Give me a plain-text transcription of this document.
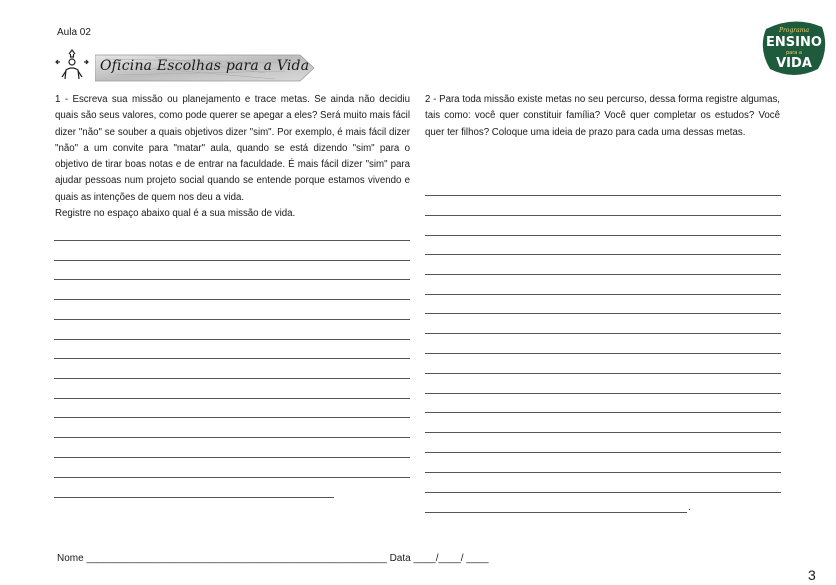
Aula 02
Oficina Escolhas para a Vida
Programa
ENSINO
para a
VIDA
1 - Escreva sua missão ou planejamento e trace metas. Se ainda não decidiu quais são seus valores, como pode querer se apegar a eles? Será muito mais fácil dizer "não" se souber a quais objetivos dizer "sim". Por exemplo, é mais fácil dizer "não" a um convite para "matar" aula, quando se está dizendo "sim" para o objetivo de tirar boas notas e de entrar na faculdade. É mais fácil dizer "sim" para ajudar pessoas num projeto social quando se entende porque estamos vivendo e quais as intenções de quem nos deu a vida.
Registre no espaço abaixo qual é a sua missão de vida.
2 - Para toda missão existe metas no seu percurso, dessa forma registre algumas, tais como: você quer constituir família? Você quer completar os estudos? Você quer ter filhos? Coloque uma ideia de prazo para cada uma dessas metas.
.
Nome ______________________________________________________ Data ____/____/ ____
3
